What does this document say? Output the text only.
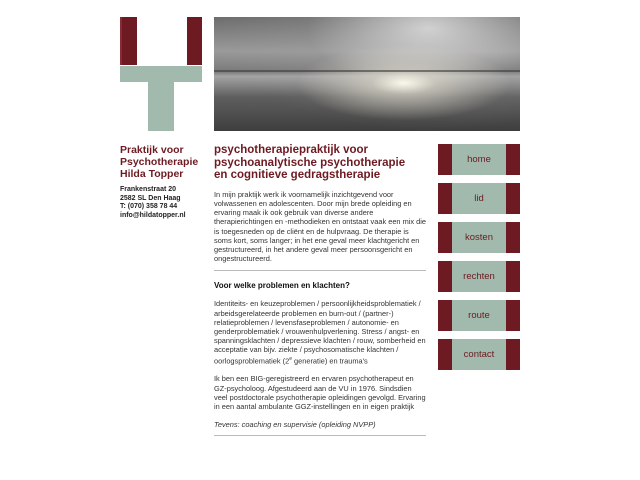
Praktijk voor
Psychotherapie
Hilda Topper
Frankenstraat 20
2582 SL Den Haag
T: (070) 358 78 44
info@hildatopper.nl
psychotherapiepraktijk voor
psychoanalytische psychotherapie
en cognitieve gedragstherapie

In mijn praktijk werk ik voornamelijk inzichtgevend voor volwassenen en adolescenten. Door mijn brede opleiding en ervaring maak ik ook gebruik van diverse andere therapierichtingen en -methodieken en ontstaat vaak een mix die is toegesneden op de cliënt en de hulpvraag. De therapie is soms kort, soms langer; in het ene geval meer klachtgericht en gestructureerd, in het andere geval meer persoonsgericht en ongestructureerd.

Voor welke problemen en klachten?

Identiteits- en keuzeproblemen / persoonlijkheidsproblematiek / arbeidsgerelateerde problemen en burn-out / (partner-) relatieproblemen / levensfaseproblemen / autonomie- en genderproblematiek / vrouwenhulpverlening. Stress / angst- en spanningsklachten / depressieve klachten / rouw, somberheid en acceptatie van bijv. ziekte / psychosomatische klachten / oorlogsproblematiek (2e generatie) en trauma's

Ik ben een BIG-geregistreerd en ervaren psychotherapeut en GZ-psycholoog. Afgestudeerd aan de VU in 1976. Sindsdien veel postdoctorale psychotherapie opleidingen gevolgd. Ervaring in een aantal ambulante GGZ-instellingen en in eigen praktijk

Tevens: coaching en supervisie (opleiding NVPP)

home
lid
kosten
rechten
route
contact
